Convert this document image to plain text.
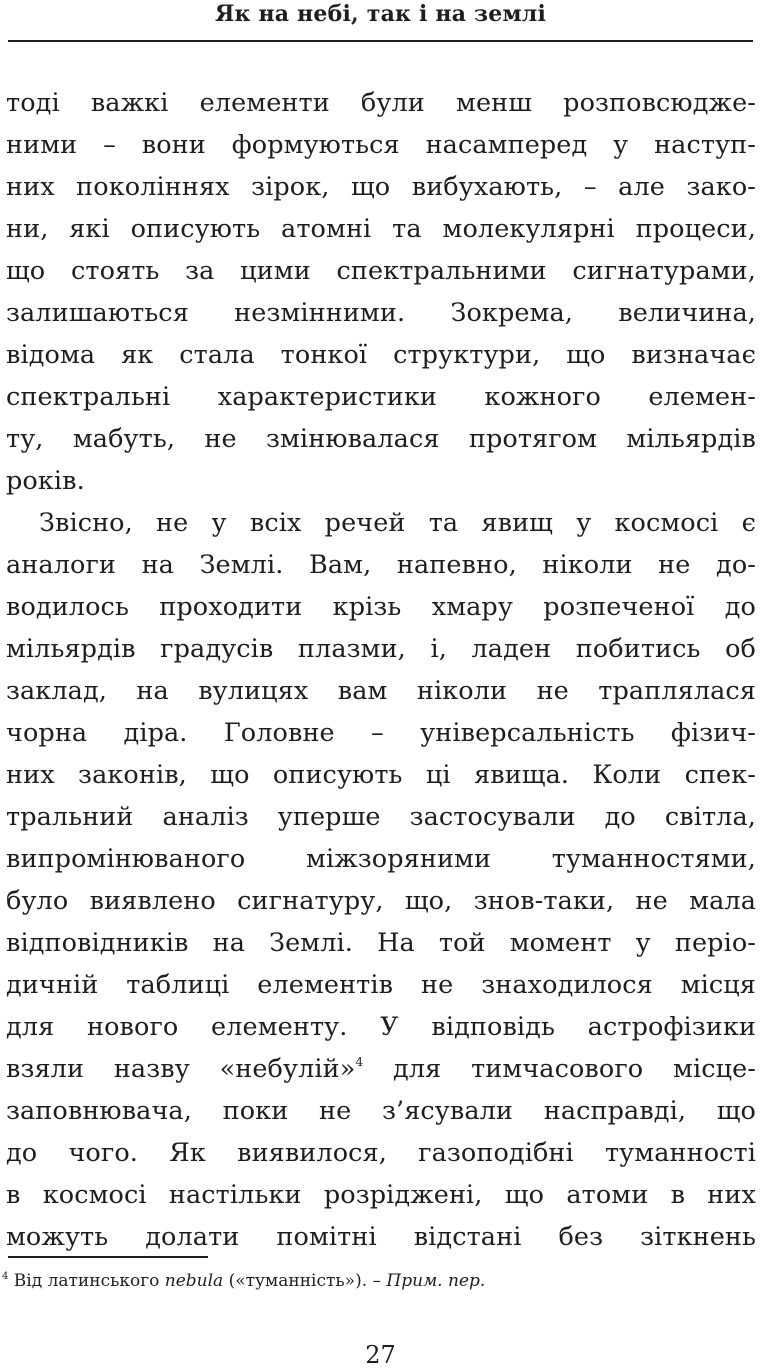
Як на небі, так і на землі
тоді важкі елементи були менш розповсюдже-
ними – вони формуються насамперед у наступ-
них поколіннях зірок, що вибухають, – але зако-
ни, які описують атомні та молекулярні процеси,
що стоять за цими спектральними сигнатурами,
залишаються незмінними. Зокрема, величина,
відома як стала тонкої структури, що визначає
спектральні характеристики кожного елемен-
ту, мабуть, не змінювалася протягом мільярдів
років.
Звісно, не у всіх речей та явищ у космосі є
аналоги на Землі. Вам, напевно, ніколи не до-
водилось проходити крізь хмару розпеченої до
мільярдів градусів плазми, і, ладен побитись об
заклад, на вулицях вам ніколи не траплялася
чорна діра. Головне – універсальність фізич-
них законів, що описують ці явища. Коли спек-
тральний аналіз уперше застосували до світла,
випромінюваного міжзоряними туманностями,
було виявлено сигнатуру, що, знов-таки, не мала
відповідників на Землі. На той момент у періо-
дичній таблиці елементів не знаходилося місця
для нового елементу. У відповідь астрофізики
взяли назву «небулій»$^4$ для тимчасового місце-
заповнювача, поки не з’ясували насправді, що
до чого. Як виявилося, газоподібні туманності
в космосі настільки розріджені, що атоми в них
можуть долати помітні відстані без зіткнень
$^4$ Від латинського nebula («туманність»). – Прим. пер.
27
